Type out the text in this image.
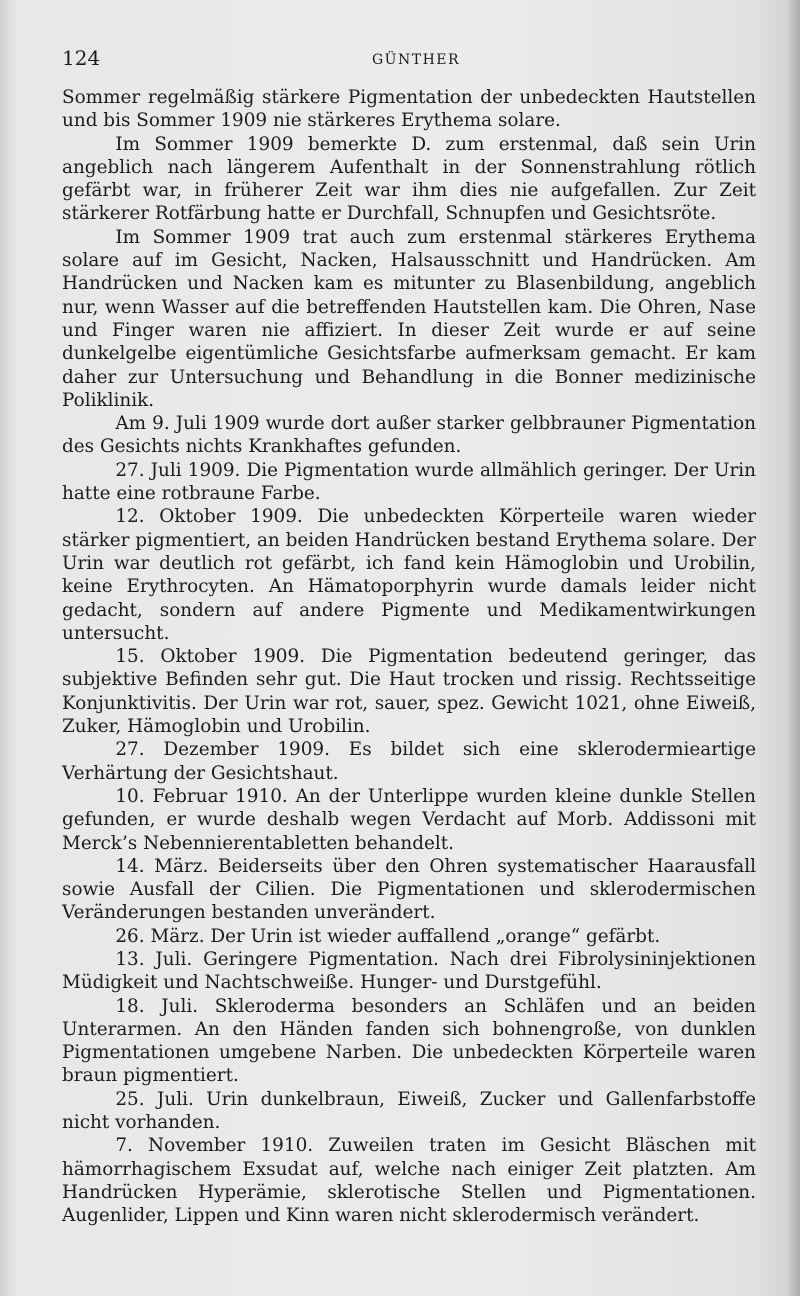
124	GÜNTHER

Sommer regelmäßig stärkere Pigmentation der unbedeckten Hautstellen und bis Sommer 1909 nie stärkeres Erythema solare.

Im Sommer 1909 bemerkte D. zum erstenmal, daß sein Urin angeblich nach längerem Aufenthalt in der Sonnenstrahlung rötlich gefärbt war, in früherer Zeit war ihm dies nie aufgefallen. Zur Zeit stärkerer Rotfärbung hatte er Durchfall, Schnupfen und Gesichtsröte.

Im Sommer 1909 trat auch zum erstenmal stärkeres Erythema solare auf im Gesicht, Nacken, Halsausschnitt und Handrücken. Am Handrücken und Nacken kam es mitunter zu Blasenbildung, angeblich nur, wenn Wasser auf die betreffenden Hautstellen kam. Die Ohren, Nase und Finger waren nie affiziert. In dieser Zeit wurde er auf seine dunkelgelbe eigentümliche Gesichtsfarbe aufmerksam gemacht. Er kam daher zur Untersuchung und Behandlung in die Bonner medizinische Poliklinik.

Am 9. Juli 1909 wurde dort außer starker gelbbrauner Pigmentation des Gesichts nichts Krankhaftes gefunden.

27. Juli 1909. Die Pigmentation wurde allmählich geringer. Der Urin hatte eine rotbraune Farbe.

12. Oktober 1909. Die unbedeckten Körperteile waren wieder stärker pigmentiert, an beiden Handrücken bestand Erythema solare. Der Urin war deutlich rot gefärbt, ich fand kein Hämoglobin und Urobilin, keine Erythrocyten. An Hämatoporphyrin wurde damals leider nicht gedacht, sondern auf andere Pigmente und Medikamentwirkungen untersucht.

15. Oktober 1909. Die Pigmentation bedeutend geringer, das subjektive Befinden sehr gut. Die Haut trocken und rissig. Rechtsseitige Konjunktivitis. Der Urin war rot, sauer, spez. Gewicht 1021, ohne Eiweiß, Zuker, Hämoglobin und Urobilin.

27. Dezember 1909. Es bildet sich eine sklerodermieartige Verhärtung der Gesichtshaut.

10. Februar 1910. An der Unterlippe wurden kleine dunkle Stellen gefunden, er wurde deshalb wegen Verdacht auf Morb. Addissoni mit Merck’s Nebennierentabletten behandelt.

14. März. Beiderseits über den Ohren systematischer Haarausfall sowie Ausfall der Cilien. Die Pigmentationen und sklerodermischen Veränderungen bestanden unverändert.

26. März. Der Urin ist wieder auffallend „orange“ gefärbt.

13. Juli. Geringere Pigmentation. Nach drei Fibrolysininjektionen Müdigkeit und Nachtschweiße. Hunger- und Durstgefühl.

18. Juli. Skleroderma besonders an Schläfen und an beiden Unterarmen. An den Händen fanden sich bohnengroße, von dunklen Pigmentationen umgebene Narben. Die unbedeckten Körperteile waren braun pigmentiert.

25. Juli. Urin dunkelbraun, Eiweiß, Zucker und Gallenfarbstoffe nicht vorhanden.

7. November 1910. Zuweilen traten im Gesicht Bläschen mit hämorrhagischem Exsudat auf, welche nach einiger Zeit platzten. Am Handrücken Hyperämie, sklerotische Stellen und Pigmentationen. Augenlider, Lippen und Kinn waren nicht sklerodermisch verändert.
